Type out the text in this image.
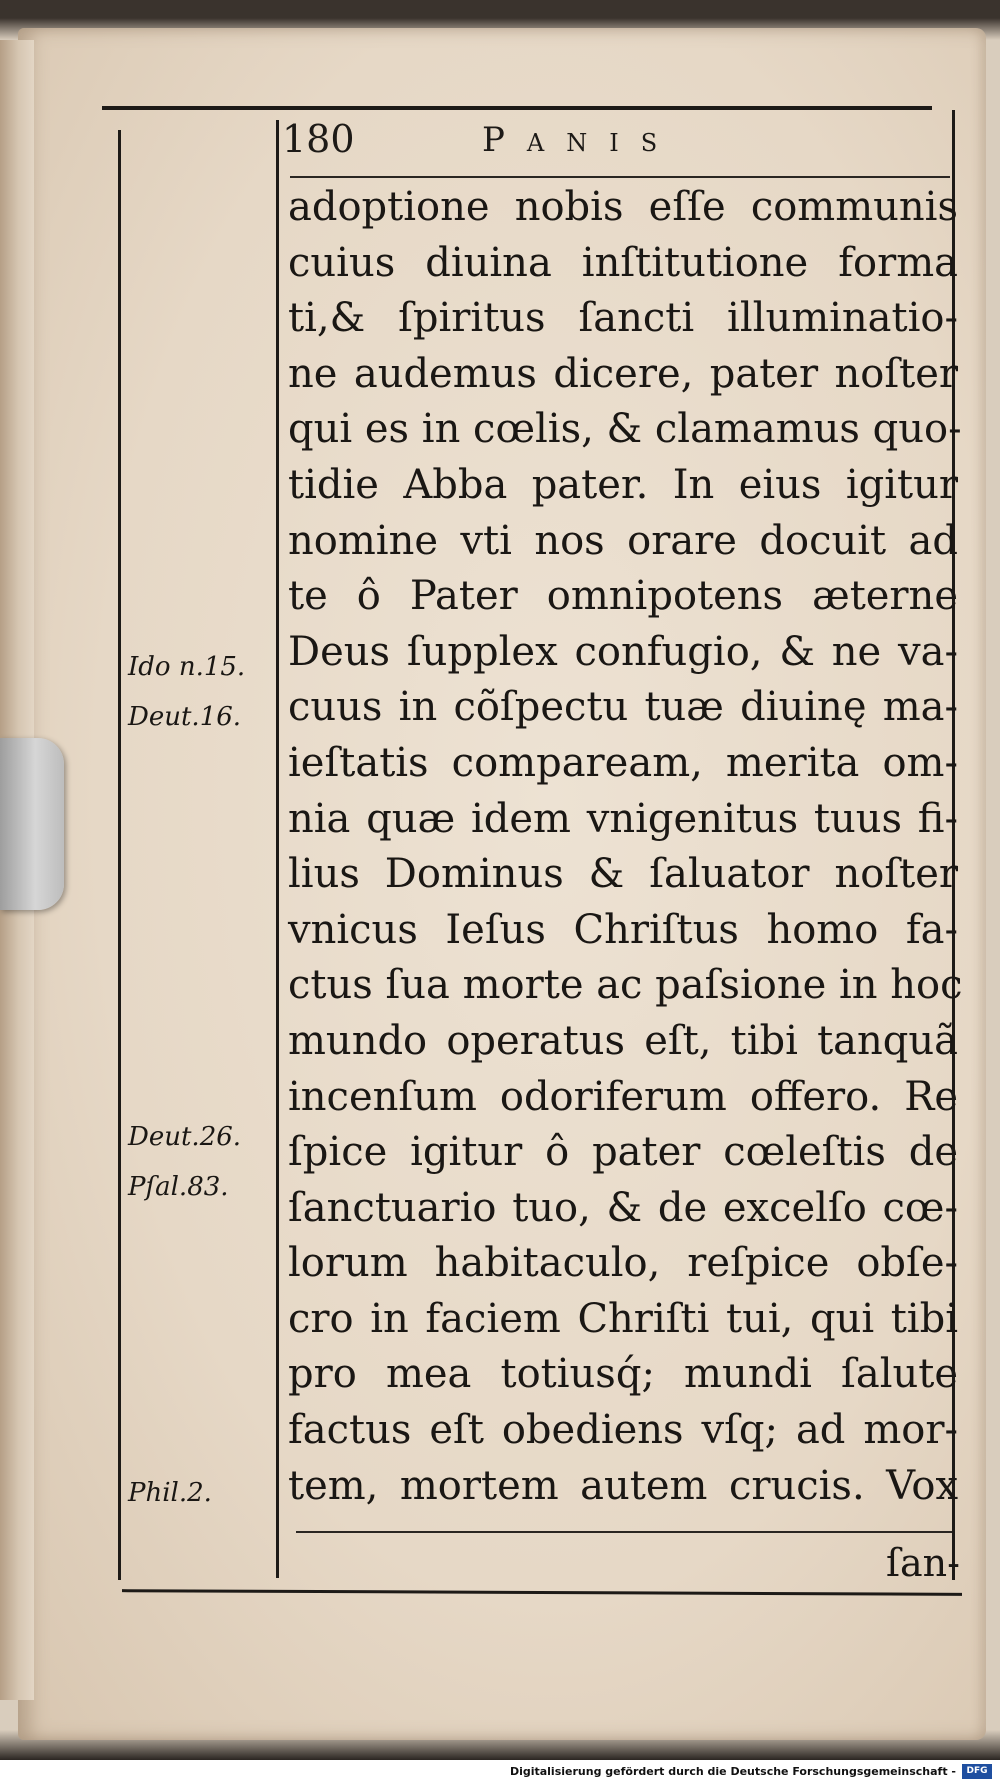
180	Panis
adoptione nobis eſſe communis
cuius diuina inſtitutione forma
ti,& ſpiritus ſancti illuminatio-
ne audemus dicere, pater noſter
qui es in cœlis, & clamamus quo-
tidie Abba pater. In eius igitur
nomine vti nos orare docuit ad
te ô Pater omnipotens æterne
Deus ſupplex confugio, & ne va-
cuus in cõſpectu tuæ diuinę ma-
ieſtatis compaream, merita om-
nia quæ idem vnigenitus tuus fi-
lius Dominus & ſaluator noſter
vnicus Ieſus Chriſtus homo fa-
ctus ſua morte ac paſsione in hoc
mundo operatus eſt, tibi tanquã
incenſum odoriferum offero. Re
ſpice igitur ô pater cœleſtis de
ſanctuario tuo, & de excelſo cœ-
lorum habitaculo, reſpice obſe-
cro in faciem Chriſti tui, qui tibi
pro mea totiusq́; mundi ſalute
factus eſt obediens vſq; ad mor-
tem, mortem autem crucis. Vox
ſan-
Ido n.15.
Deut.16.
Deut.26.
Pſal.83.
Phil.2.
Digitalisierung gefördert durch die Deutsche Forschungsgemeinschaft -	DFG
